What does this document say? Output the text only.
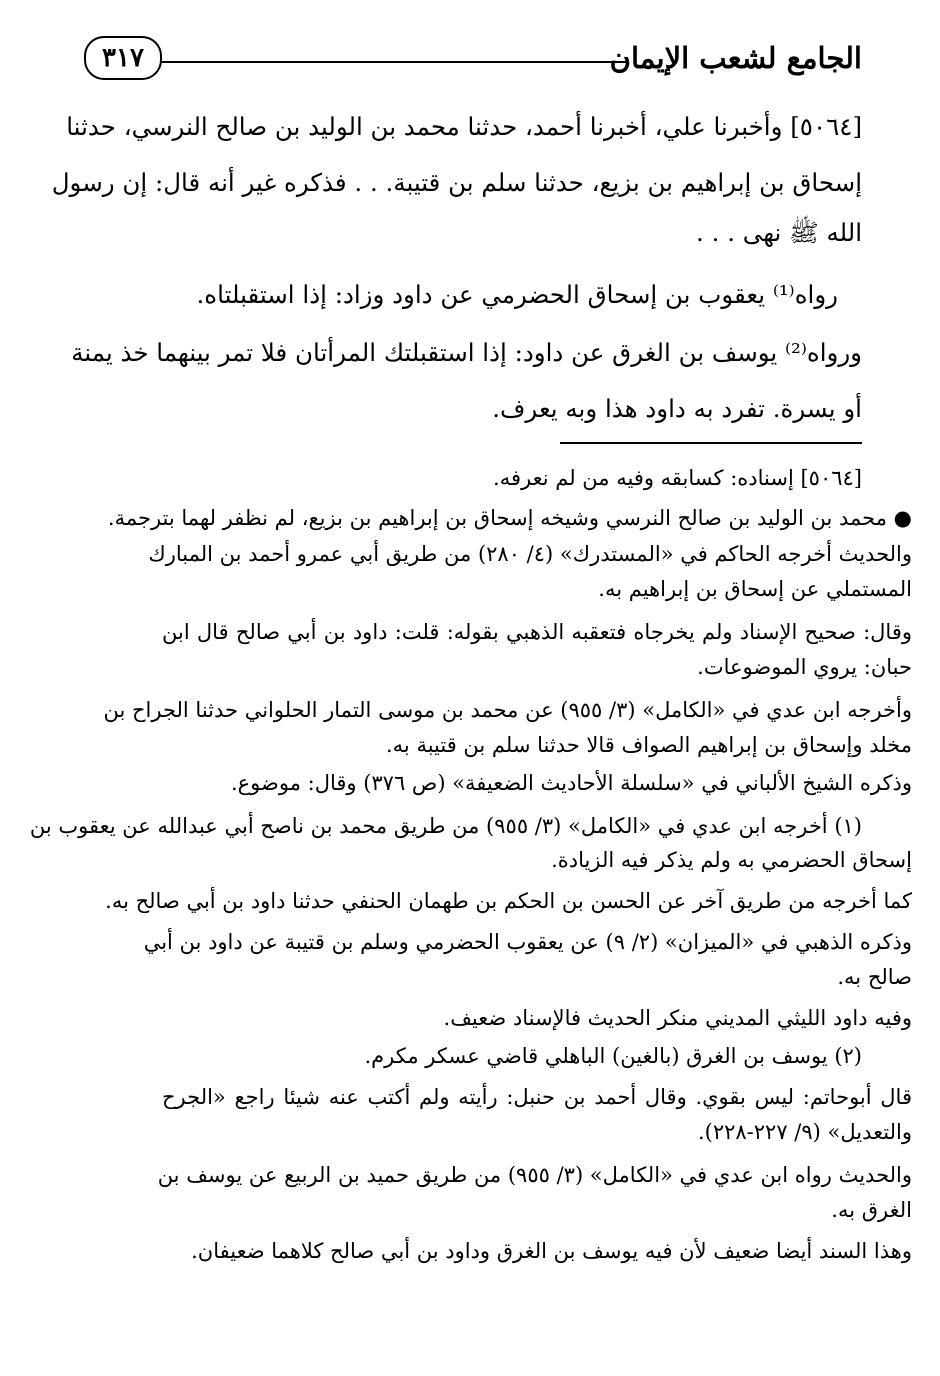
الجامع لشعب الإيمان
٣١٧
[٥٠٦٤] وأخبرنا علي، أخبرنا أحمد، حدثنا محمد بن الوليد بن صالح النرسي، حدثنا
إسحاق بن إبراهيم بن بزيع، حدثنا سلم بن قتيبة. . . فذكره غير أنه قال: إن رسول
الله ﷺ نهى . . .
رواه⁽¹⁾ يعقوب بن إسحاق الحضرمي عن داود وزاد: إذا استقبلتاه.
ورواه⁽²⁾ يوسف بن الغرق عن داود: إذا استقبلتك المرأتان فلا تمر بينهما خذ يمنة
أو يسرة. تفرد به داود هذا وبه يعرف.
[٥٠٦٤] إسناده: كسابقه وفيه من لم نعرفه.
● محمد بن الوليد بن صالح النرسي وشيخه إسحاق بن إبراهيم بن بزيع، لم نظفر لهما بترجمة.
والحديث أخرجه الحاكم في «المستدرك» (٤/ ٢٨٠) من طريق أبي عمرو أحمد بن المبارك
المستملي عن إسحاق بن إبراهيم به.
وقال: صحيح الإسناد ولم يخرجاه فتعقبه الذهبي بقوله: قلت: داود بن أبي صالح قال ابن
حبان: يروي الموضوعات.
وأخرجه ابن عدي في «الكامل» (٣/ ٩٥٥) عن محمد بن موسى التمار الحلواني حدثنا الجراح بن
مخلد وإسحاق بن إبراهيم الصواف قالا حدثنا سلم بن قتيبة به.
وذكره الشيخ الألباني في «سلسلة الأحاديث الضعيفة» (ص ٣٧٦) وقال: موضوع.
(١) أخرجه ابن عدي في «الكامل» (٣/ ٩٥٥) من طريق محمد بن ناصح أبي عبدالله عن يعقوب بن
إسحاق الحضرمي به ولم يذكر فيه الزيادة.
كما أخرجه من طريق آخر عن الحسن بن الحكم بن طهمان الحنفي حدثنا داود بن أبي صالح به.
وذكره الذهبي في «الميزان» (٢/ ٩) عن يعقوب الحضرمي وسلم بن قتيبة عن داود بن أبي
صالح به.
وفيه داود الليثي المديني منكر الحديث فالإسناد ضعيف.
(٢) يوسف بن الغرق (بالغين) الباهلي قاضي عسكر مكرم.
قال أبوحاتم: ليس بقوي. وقال أحمد بن حنبل: رأيته ولم أكتب عنه شيئا راجع «الجرح
والتعديل» (٩/ ٢٢٧-٢٢٨).
والحديث رواه ابن عدي في «الكامل» (٣/ ٩٥٥) من طريق حميد بن الربيع عن يوسف بن
الغرق به.
وهذا السند أيضا ضعيف لأن فيه يوسف بن الغرق وداود بن أبي صالح كلاهما ضعيفان.
